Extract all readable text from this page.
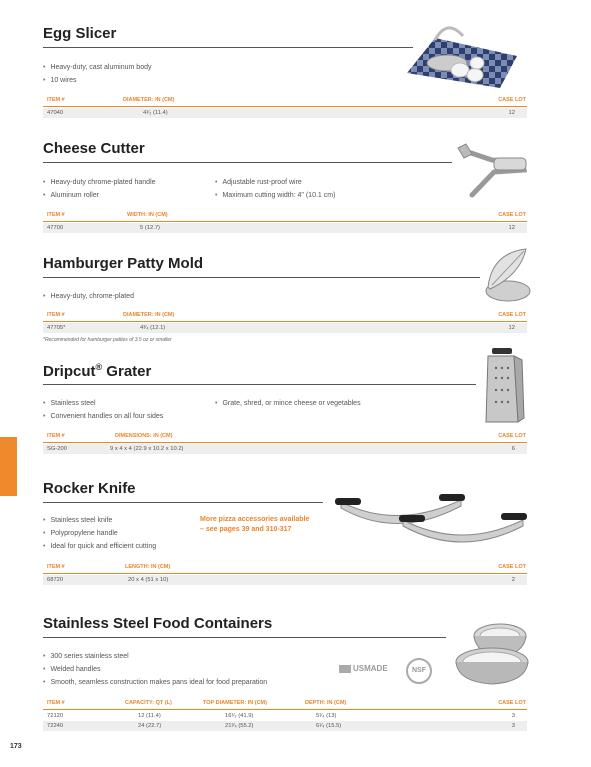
173
Egg Slicer
• Heavy-duty, cast aluminum body
• 10 wires
ITEM #	DIAMETER: IN (CM)	CASE LOT
47040	4¹⁄₂ (11.4)	12
Cheese Cutter
• Heavy-duty chrome-plated handle
• Aluminum roller
• Adjustable rust-proof wire
• Maximum cutting width: 4" (10.1 cm)
ITEM #	WIDTH: IN (CM)	CASE LOT
47700	5 (12.7)	12
Hamburger Patty Mold
• Heavy-duty, chrome-plated
ITEM #	DIAMETER: IN (CM)	CASE LOT
47705*	4³⁄₄ (12.1)	12
*Recommended for hamburger patties of 3.5 oz or smaller
Dripcut® Grater
• Stainless steel
• Convenient handles on all four sides
• Grate, shred, or mince cheese or vegetables
ITEM #	DIMENSIONS: IN (CM)	CASE LOT
SG-200	9 x 4 x 4 (22.9 x 10.2 x 10.2)	6
Rocker Knife
• Stainless steel knife
• Polypropylene handle
• Ideal for quick and efficient cutting
More pizza accessories available
– see pages 39 and 310-317
ITEM #	LENGTH: IN (CM)	CASE LOT
68720	20 x 4 (51 x 10)	2
Stainless Steel Food Containers
• 300 series stainless steel
• Welded handles
• Smooth, seamless construction makes pans ideal for food preparation
ITEM #	CAPACITY: QT (L)	TOP DIAMETER: IN (CM)	DEPTH: IN (CM)	CASE LOT
72120	12 (11.4)	16¹⁄₂ (41.9)	5¹⁄₄ (13)	3
72240	24 (22.7)	21³⁄₄ (55.2)	6¹⁄₄ (15.5)	3
USMADE	NSF
